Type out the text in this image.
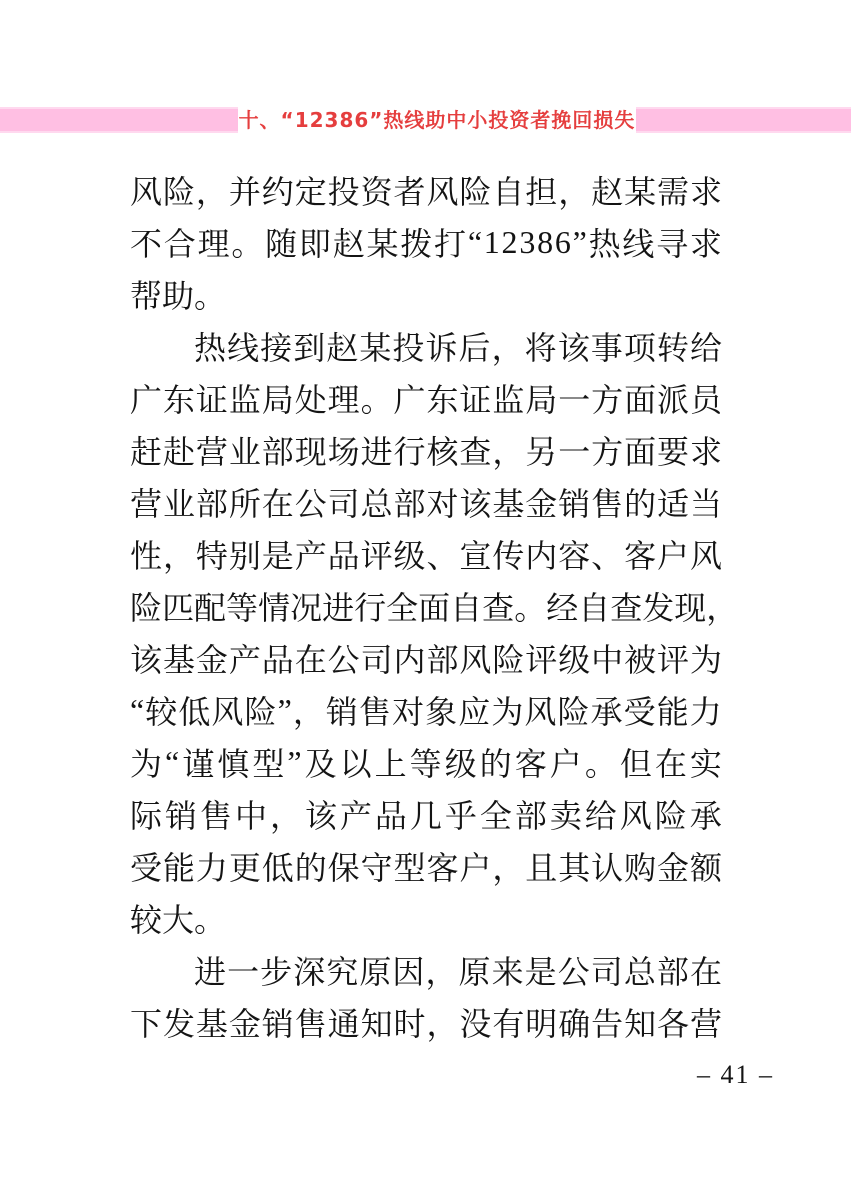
十、“12386”热线助中小投资者挽回损失
风 险 ， 并 约 定 投 资 者 风 险 自 担 ， 赵 某 需 求
不 合 理 。 随 即 赵 某 拨 打 “ 1 2 3 8 6 ” 热 线 寻 求
帮 助 。
热 线 接 到 赵 某 投 诉 后 ， 将 该 事 项 转 给
广 东 证 监 局 处 理 。 广 东 证 监 局 一 方 面 派 员
赶 赴 营 业 部 现 场 进 行 核 查 ， 另 一 方 面 要 求
营 业 部 所 在 公 司 总 部 对 该 基 金 销 售 的 适 当
性 ， 特 别 是 产 品 评 级 、 宣 传 内 容 、 客 户 风
险 匹 配 等 情 况 进 行 全 面 自 查 。 经 自 查 发 现 ，
该 基 金 产 品 在 公 司 内 部 风 险 评 级 中 被 评 为
“ 较 低 风 险 ” ， 销 售 对 象 应 为 风 险 承 受 能 力
为 “ 谨 慎 型 ” 及 以 上 等 级 的 客 户 。 但 在 实
际 销 售 中 ， 该 产 品 几 乎 全 部 卖 给 风 险 承
受 能 力 更 低 的 保 守 型 客 户 ， 且 其 认 购 金 额
较 大 。
进 一 步 深 究 原 因 ， 原 来 是 公 司 总 部 在
下 发 基 金 销 售 通 知 时 ， 没 有 明 确 告 知 各 营
– 41 –
